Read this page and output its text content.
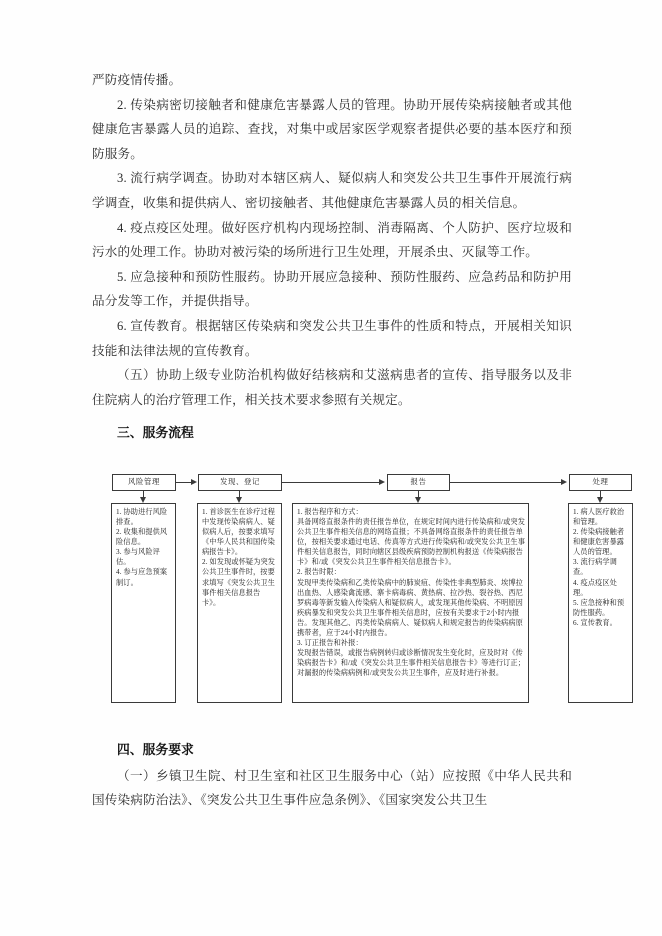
严防疫情传播。

2. 传染病密切接触者和健康危害暴露人员的管理。协助开展传染病接触者或其他健康危害暴露人员的追踪、查找，对集中或居家医学观察者提供必要的基本医疗和预防服务。

3. 流行病学调查。协助对本辖区病人、疑似病人和突发公共卫生事件开展流行病学调查，收集和提供病人、密切接触者、其他健康危害暴露人员的相关信息。

4. 疫点疫区处理。做好医疗机构内现场控制、消毒隔离、个人防护、医疗垃圾和污水的处理工作。协助对被污染的场所进行卫生处理，开展杀虫、灭鼠等工作。

5. 应急接种和预防性服药。协助开展应急接种、预防性服药、应急药品和防护用品分发等工作，并提供指导。

6. 宣传教育。根据辖区传染病和突发公共卫生事件的性质和特点，开展相关知识技能和法律法规的宣传教育。

（五）协助上级专业防治机构做好结核病和艾滋病患者的宣传、指导服务以及非住院病人的治疗管理工作，相关技术要求参照有关规定。

三、服务流程

风险管理	发现、登记	报告	处理
1. 协助进行风险排查。
2. 收集和提供风险信息。
3. 参与风险评估。
4. 参与应急预案制订。
1. 首诊医生在诊疗过程中发现传染病病人、疑似病人后，按要求填写《中华人民共和国传染病报告卡》。
2. 如发现或怀疑为突发公共卫生事件时，按要求填写《突发公共卫生事件相关信息报告卡》。
1. 报告程序和方式：
具备网络直报条件的责任报告单位，在规定时间内进行传染病和/或突发公共卫生事件相关信息的网络直报；不具备网络直报条件的责任报告单位，按相关要求通过电话、传真等方式进行传染病和/或突发公共卫生事件相关信息报告，同时向辖区县级疾病预防控制机构报送《传染病报告卡》和/或《突发公共卫生事件相关信息报告卡》。
2. 报告时限：
发现甲类传染病和乙类传染病中的肺炭疽、传染性非典型肺炎、埃博拉出血热、人感染禽流感、寨卡病毒病、黄热病、拉沙热、裂谷热、西尼罗病毒等新发输入传染病人和疑似病人，或发现其他传染病、不明原因疾病暴发和突发公共卫生事件相关信息时，应按有关要求于2小时内报告。发现其他乙、丙类传染病病人、疑似病人和规定报告的传染病病原携带者，应于24小时内报告。
3. 订正报告和补报：
发现报告错误，或报告病例转归或诊断情况发生变化时，应及时对《传染病报告卡》和/或《突发公共卫生事件相关信息报告卡》等进行订正；对漏报的传染病病例和/或突发公共卫生事件，应及时进行补报。
1. 病人医疗救治和管理。
2. 传染病接触者和健康危害暴露人员的管理。
3. 流行病学调查。
4. 疫点疫区处理。
5. 应急接种和预防性服药。
6. 宣传教育。

四、服务要求

（一）乡镇卫生院、村卫生室和社区卫生服务中心（站）应按照《中华人民共和国传染病防治法》、《突发公共卫生事件应急条例》、《国家突发公共卫生
